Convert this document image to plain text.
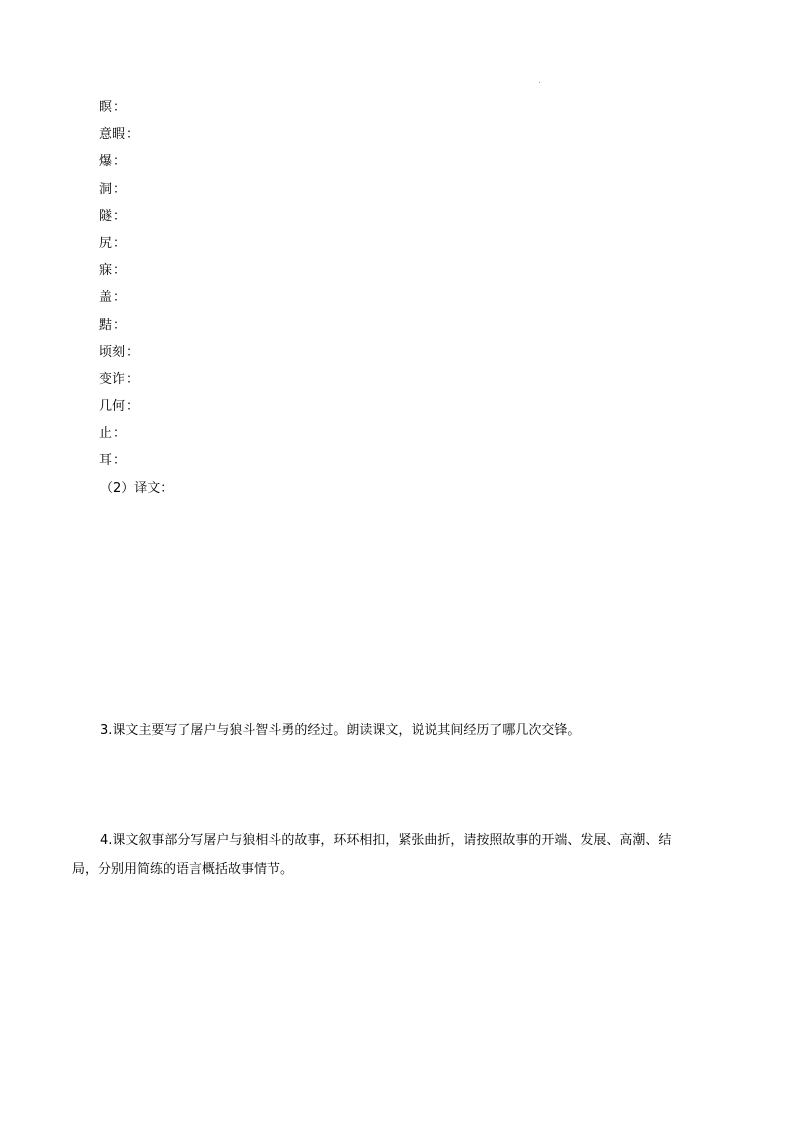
瞑：
意暇：
爆：
洞：
隧：
尻：
寐：
盖：
黠：
顷刻：
变诈：
几何：
止：
耳：
（2）译文：
3.课文主要写了屠户与狼斗智斗勇的经过。朗读课文，说说其间经历了哪几次交锋。
4.课文叙事部分写屠户与狼相斗的故事，环环相扣，紧张曲折，请按照故事的开端、发展、高潮、结
局，分别用简练的语言概括故事情节。
